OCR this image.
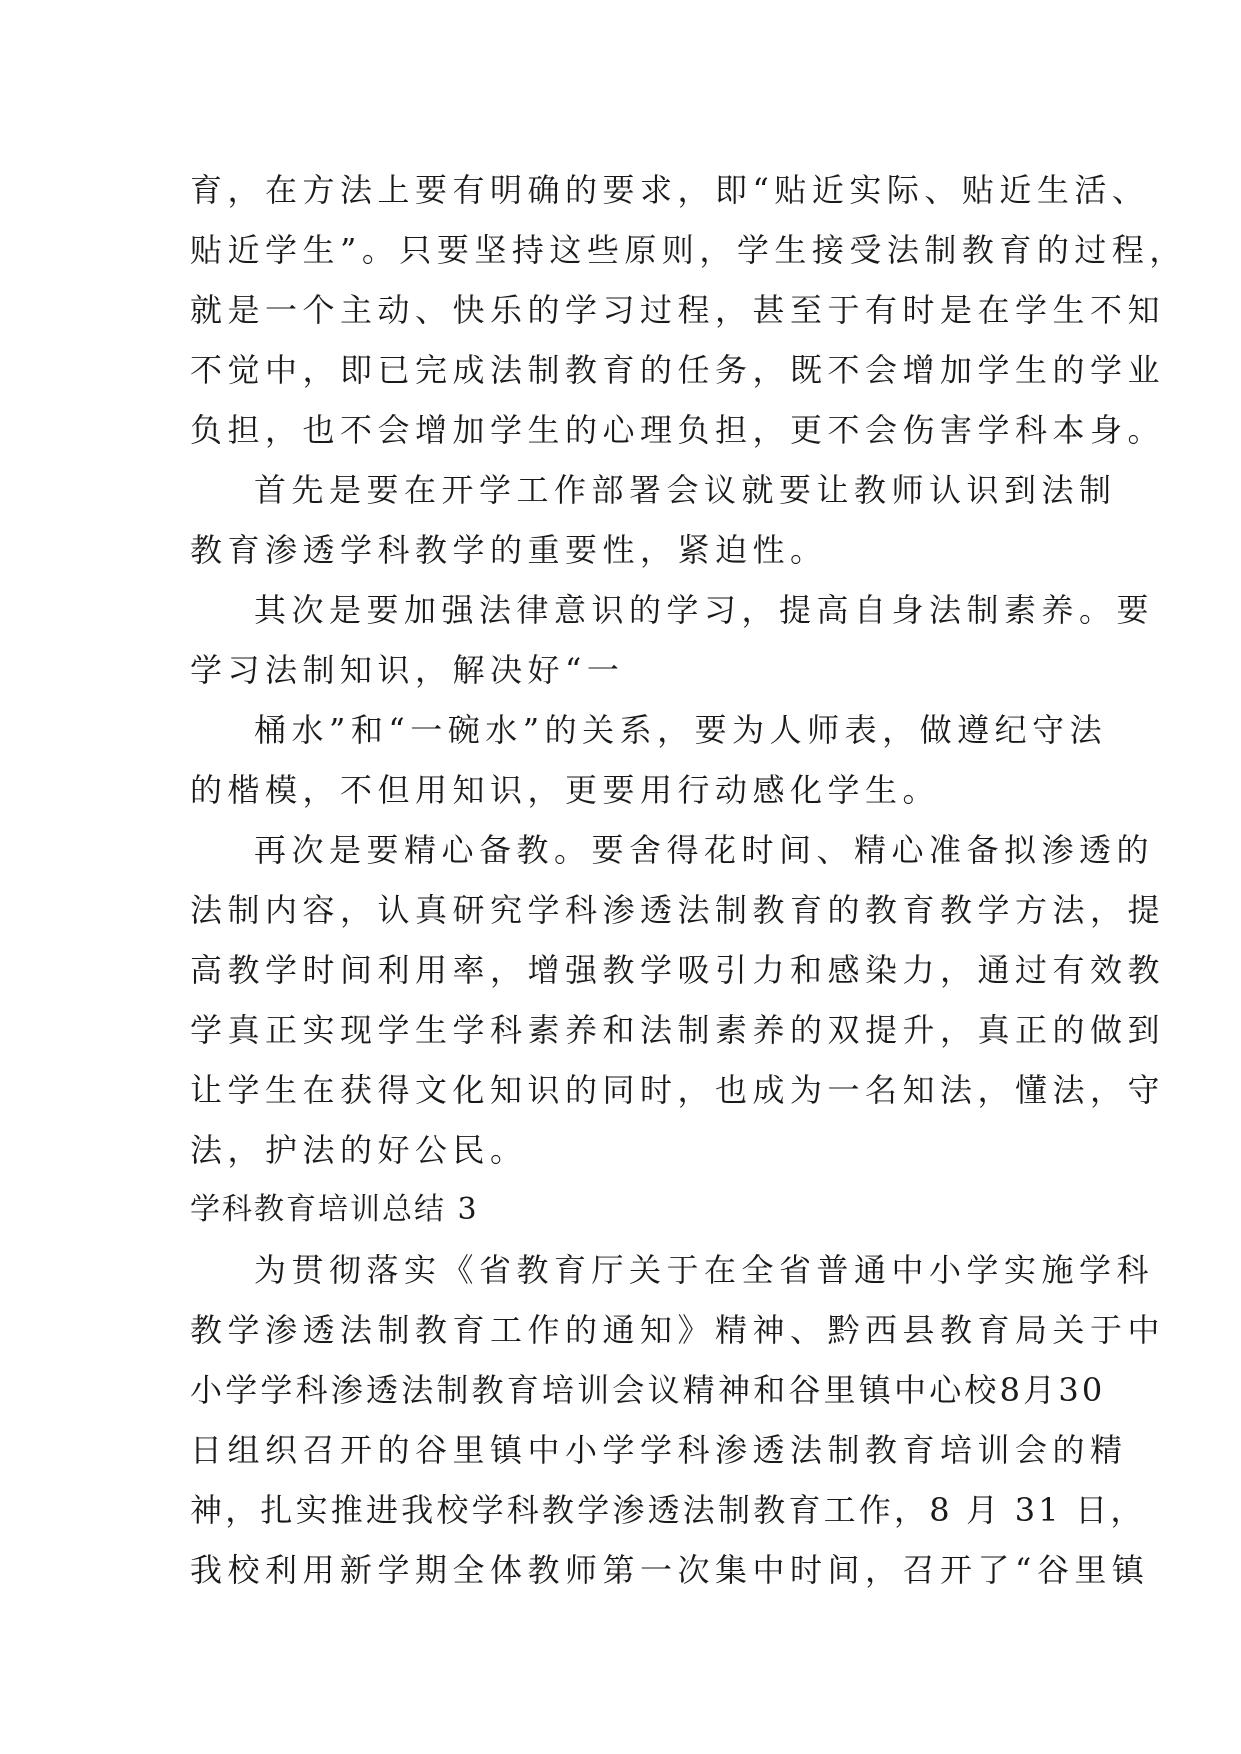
育，在方法上要有明确的要求，即“贴近实际、贴近生活、
贴近学生”。只要坚持这些原则，学生接受法制教育的过程，
就是一个主动、快乐的学习过程，甚至于有时是在学生不知
不觉中，即已完成法制教育的任务，既不会增加学生的学业
负担，也不会增加学生的心理负担，更不会伤害学科本身。
首先是要在开学工作部署会议就要让教师认识到法制
教育渗透学科教学的重要性，紧迫性。
其次是要加强法律意识的学习，提高自身法制素养。要
学习法制知识，解决好“一
桶水”和“一碗水”的关系，要为人师表，做遵纪守法
的楷模，不但用知识，更要用行动感化学生。
再次是要精心备教。要舍得花时间、精心准备拟渗透的
法制内容，认真研究学科渗透法制教育的教育教学方法，提
高教学时间利用率，增强教学吸引力和感染力，通过有效教
学真正实现学生学科素养和法制素养的双提升，真正的做到
让学生在获得文化知识的同时，也成为一名知法，懂法，守
法，护法的好公民。
学科教育培训总结 3
为贯彻落实《省教育厅关于在全省普通中小学实施学科
教学渗透法制教育工作的通知》精神、黔西县教育局关于中
小学学科渗透法制教育培训会议精神和谷里镇中心校8月30
日组织召开的谷里镇中小学学科渗透法制教育培训会的精
神，扎实推进我校学科教学渗透法制教育工作，8 月 31 日，
我校利用新学期全体教师第一次集中时间，召开了“谷里镇
